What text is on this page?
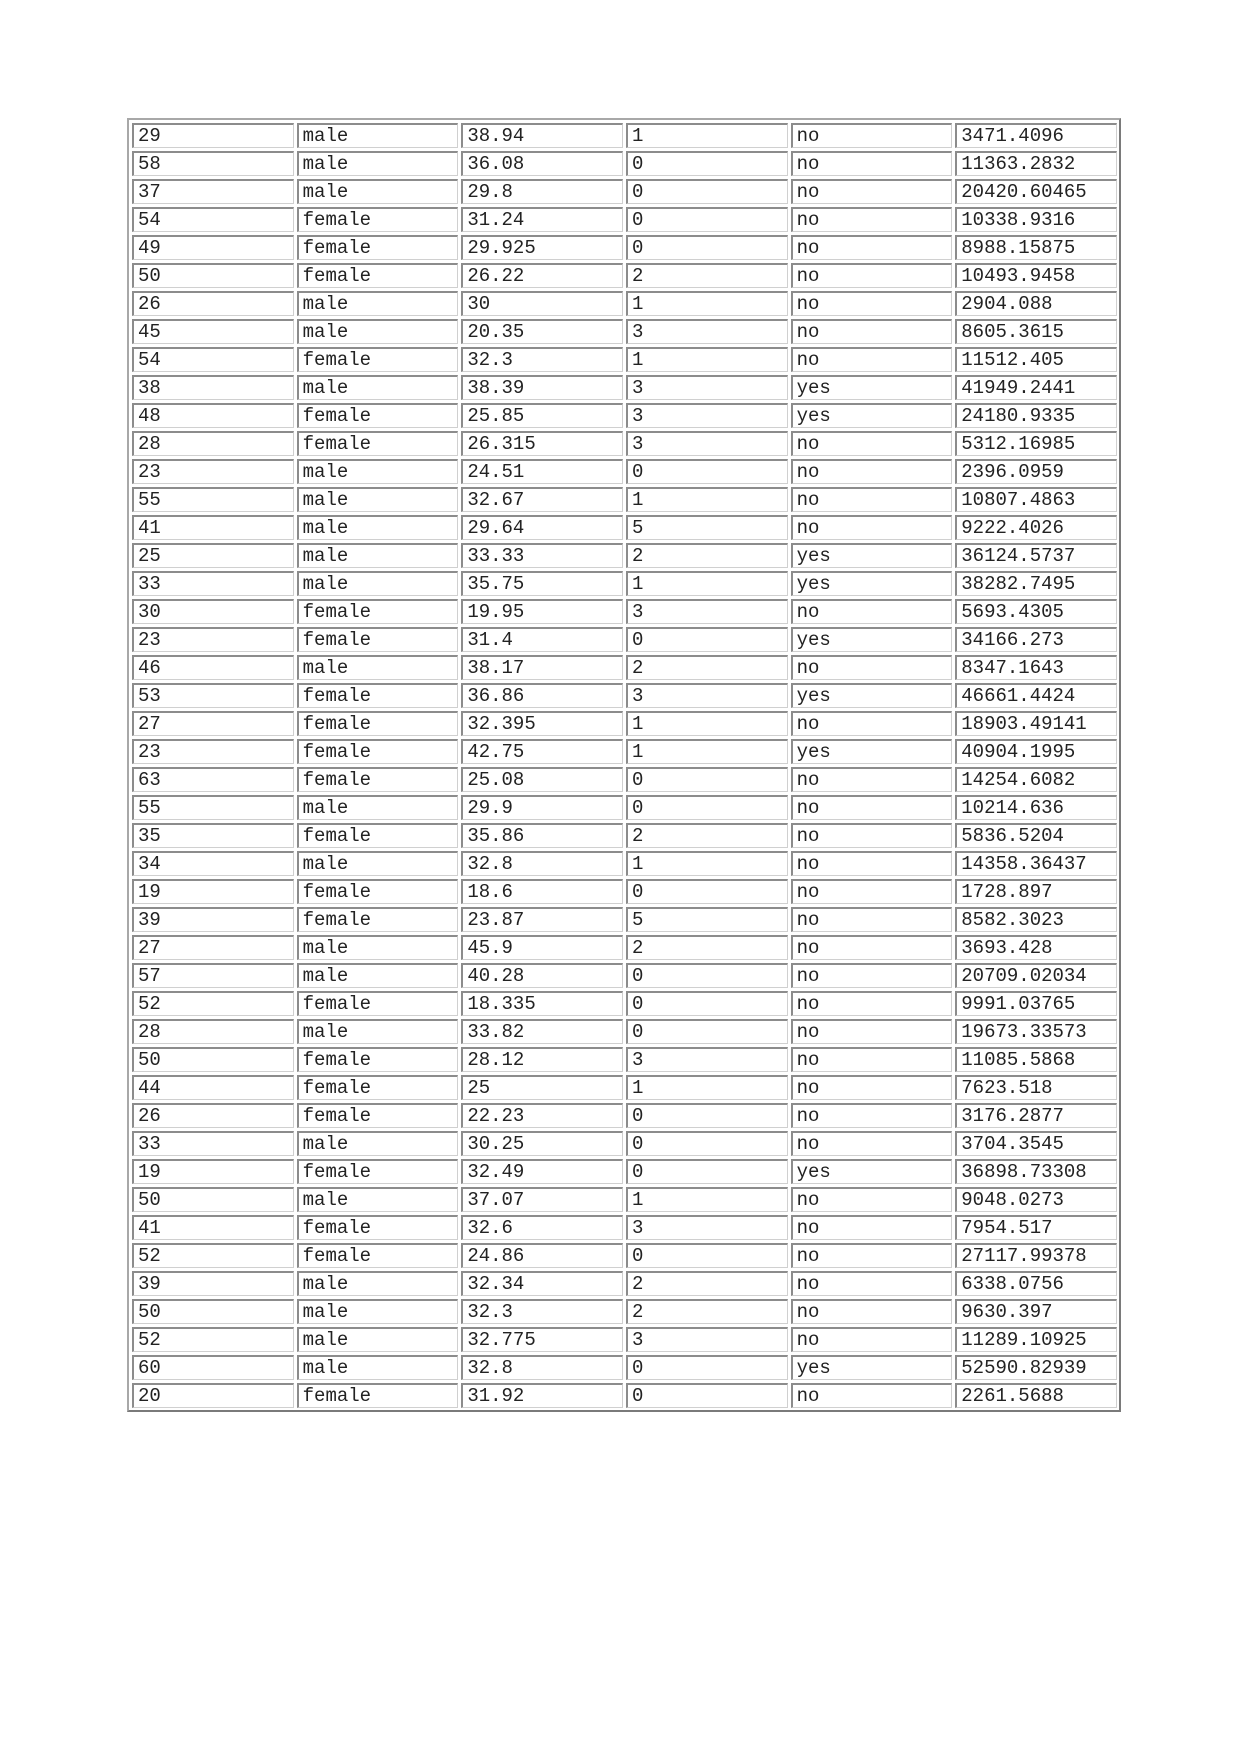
29	male	38.94	1	no	3471.4096
58	male	36.08	0	no	11363.2832
37	male	29.8	0	no	20420.60465
54	female	31.24	0	no	10338.9316
49	female	29.925	0	no	8988.15875
50	female	26.22	2	no	10493.9458
26	male	30	1	no	2904.088
45	male	20.35	3	no	8605.3615
54	female	32.3	1	no	11512.405
38	male	38.39	3	yes	41949.2441
48	female	25.85	3	yes	24180.9335
28	female	26.315	3	no	5312.16985
23	male	24.51	0	no	2396.0959
55	male	32.67	1	no	10807.4863
41	male	29.64	5	no	9222.4026
25	male	33.33	2	yes	36124.5737
33	male	35.75	1	yes	38282.7495
30	female	19.95	3	no	5693.4305
23	female	31.4	0	yes	34166.273
46	male	38.17	2	no	8347.1643
53	female	36.86	3	yes	46661.4424
27	female	32.395	1	no	18903.49141
23	female	42.75	1	yes	40904.1995
63	female	25.08	0	no	14254.6082
55	male	29.9	0	no	10214.636
35	female	35.86	2	no	5836.5204
34	male	32.8	1	no	14358.36437
19	female	18.6	0	no	1728.897
39	female	23.87	5	no	8582.3023
27	male	45.9	2	no	3693.428
57	male	40.28	0	no	20709.02034
52	female	18.335	0	no	9991.03765
28	male	33.82	0	no	19673.33573
50	female	28.12	3	no	11085.5868
44	female	25	1	no	7623.518
26	female	22.23	0	no	3176.2877
33	male	30.25	0	no	3704.3545
19	female	32.49	0	yes	36898.73308
50	male	37.07	1	no	9048.0273
41	female	32.6	3	no	7954.517
52	female	24.86	0	no	27117.99378
39	male	32.34	2	no	6338.0756
50	male	32.3	2	no	9630.397
52	male	32.775	3	no	11289.10925
60	male	32.8	0	yes	52590.82939
20	female	31.92	0	no	2261.5688
